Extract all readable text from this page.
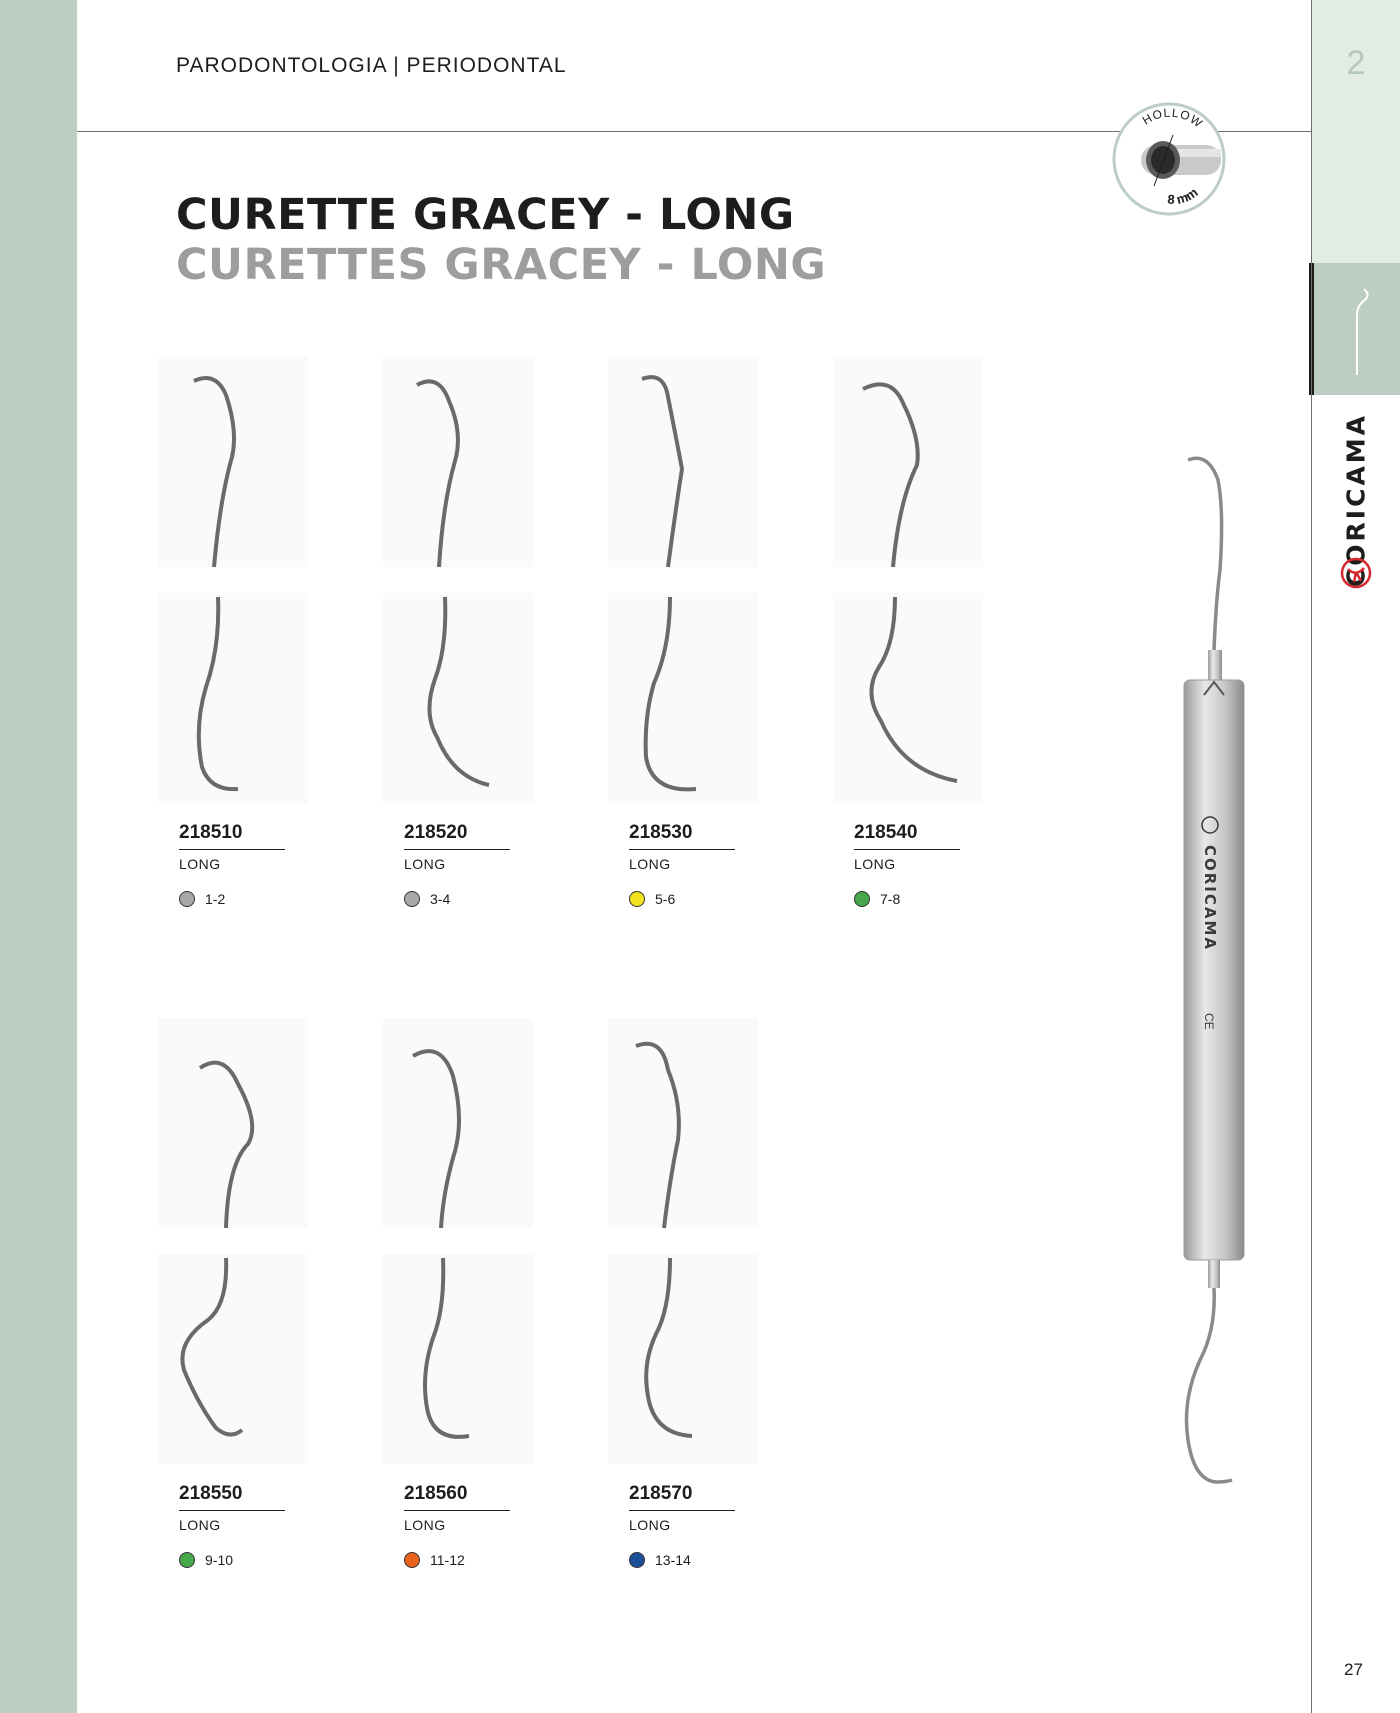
2
CORICAMA
27
PARODONTOLOGIA | PERIODONTAL
HOLLOW
8 mm
CURETTE GRACEY - LONG
CURETTES GRACEY - LONG
218510
LONG
1-2
218520
LONG
3-4
218530
LONG
5-6
218540
LONG
7-8
218550
LONG
9-10
218560
LONG
11-12
218570
LONG
13-14
CORICAMA
CE
